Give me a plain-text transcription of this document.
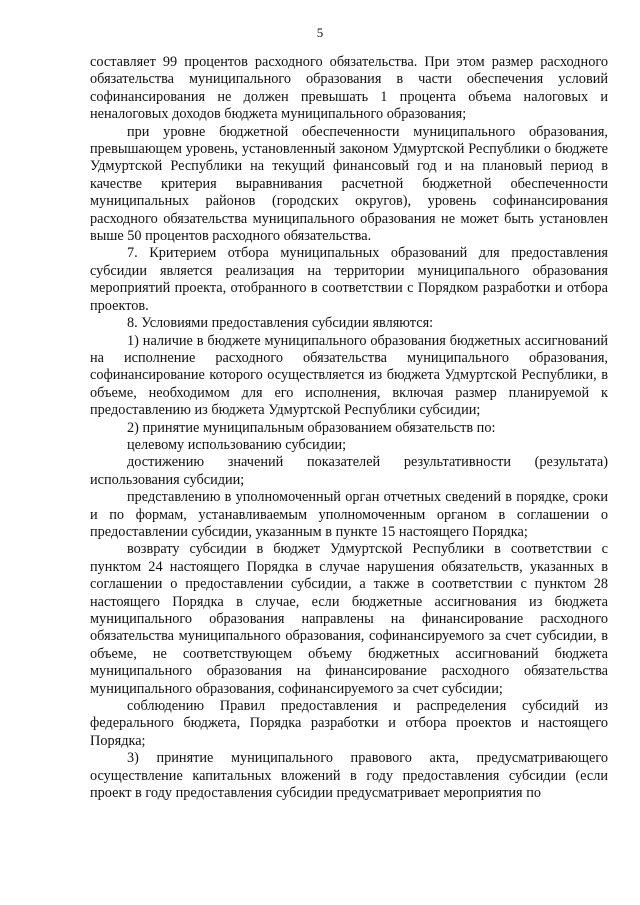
5

составляет 99 процентов расходного обязательства. При этом размер расходного обязательства муниципального образования в части обеспечения условий софинансирования не должен превышать 1 процента объема налоговых и неналоговых доходов бюджета муниципального образования;

при уровне бюджетной обеспеченности муниципального образования, превышающем уровень, установленный законом Удмуртской Республики о бюджете Удмуртской Республики на текущий финансовый год и на плановый период в качестве критерия выравнивания расчетной бюджетной обеспеченности муниципальных районов (городских округов), уровень софинансирования расходного обязательства муниципального образования не может быть установлен выше 50 процентов расходного обязательства.

7. Критерием отбора муниципальных образований для предоставления субсидии является реализация на территории муниципального образования мероприятий проекта, отобранного в соответствии с Порядком разработки и отбора проектов.

8. Условиями предоставления субсидии являются:

1) наличие в бюджете муниципального образования бюджетных ассигнований на исполнение расходного обязательства муниципального образования, софинансирование которого осуществляется из бюджета Удмуртской Республики, в объеме, необходимом для его исполнения, включая размер планируемой к предоставлению из бюджета Удмуртской Республики субсидии;

2) принятие муниципальным образованием обязательств по:

целевому использованию субсидии;

достижению значений показателей результативности (результата) использования субсидии;

представлению в уполномоченный орган отчетных сведений в порядке, сроки и по формам, устанавливаемым уполномоченным органом в соглашении о предоставлении субсидии, указанным в пункте 15 настоящего Порядка;

возврату субсидии в бюджет Удмуртской Республики в соответствии с пунктом 24 настоящего Порядка в случае нарушения обязательств, указанных в соглашении о предоставлении субсидии, а также в соответствии с пунктом 28 настоящего Порядка в случае, если бюджетные ассигнования из бюджета муниципального образования направлены на финансирование расходного обязательства муниципального образования, софинансируемого за счет субсидии, в объеме, не соответствующем объему бюджетных ассигнований бюджета муниципального образования на финансирование расходного обязательства муниципального образования, софинансируемого за счет субсидии;

соблюдению Правил предоставления и распределения субсидий из федерального бюджета, Порядка разработки и отбора проектов и настоящего Порядка;

3) принятие муниципального правового акта, предусматривающего осуществление капитальных вложений в году предоставления субсидии (если проект в году предоставления субсидии предусматривает мероприятия по
